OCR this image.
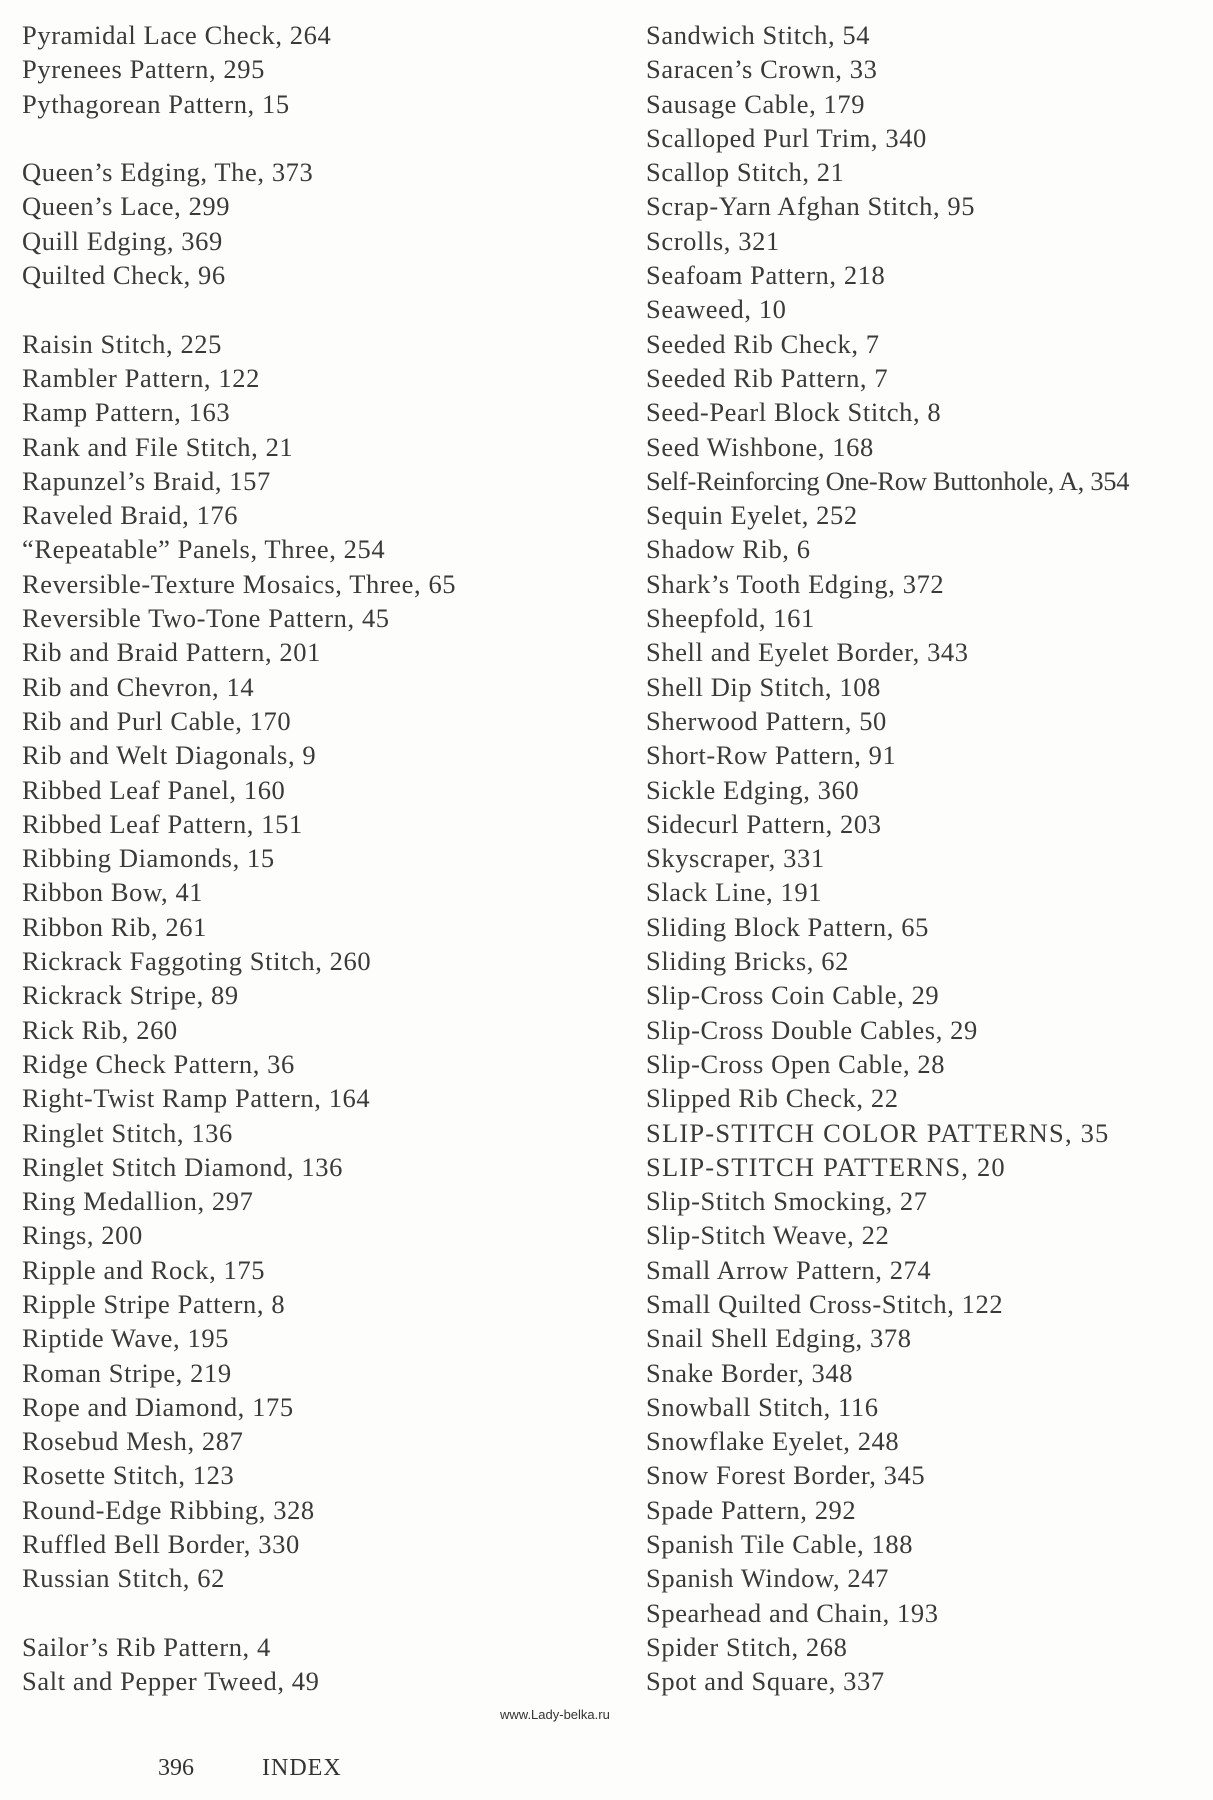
Pyramidal Lace Check, 264
Pyrenees Pattern, 295
Pythagorean Pattern, 15
Queen’s Edging, The, 373
Queen’s Lace, 299
Quill Edging, 369
Quilted Check, 96
Raisin Stitch, 225
Rambler Pattern, 122
Ramp Pattern, 163
Rank and File Stitch, 21
Rapunzel’s Braid, 157
Raveled Braid, 176
“Repeatable” Panels, Three, 254
Reversible-Texture Mosaics, Three, 65
Reversible Two-Tone Pattern, 45
Rib and Braid Pattern, 201
Rib and Chevron, 14
Rib and Purl Cable, 170
Rib and Welt Diagonals, 9
Ribbed Leaf Panel, 160
Ribbed Leaf Pattern, 151
Ribbing Diamonds, 15
Ribbon Bow, 41
Ribbon Rib, 261
Rickrack Faggoting Stitch, 260
Rickrack Stripe, 89
Rick Rib, 260
Ridge Check Pattern, 36
Right-Twist Ramp Pattern, 164
Ringlet Stitch, 136
Ringlet Stitch Diamond, 136
Ring Medallion, 297
Rings, 200
Ripple and Rock, 175
Ripple Stripe Pattern, 8
Riptide Wave, 195
Roman Stripe, 219
Rope and Diamond, 175
Rosebud Mesh, 287
Rosette Stitch, 123
Round-Edge Ribbing, 328
Ruffled Bell Border, 330
Russian Stitch, 62
Sailor’s Rib Pattern, 4
Salt and Pepper Tweed, 49
Sandwich Stitch, 54
Saracen’s Crown, 33
Sausage Cable, 179
Scalloped Purl Trim, 340
Scallop Stitch, 21
Scrap-Yarn Afghan Stitch, 95
Scrolls, 321
Seafoam Pattern, 218
Seaweed, 10
Seeded Rib Check, 7
Seeded Rib Pattern, 7
Seed-Pearl Block Stitch, 8
Seed Wishbone, 168
Self-Reinforcing One-Row Buttonhole, A, 354
Sequin Eyelet, 252
Shadow Rib, 6
Shark’s Tooth Edging, 372
Sheepfold, 161
Shell and Eyelet Border, 343
Shell Dip Stitch, 108
Sherwood Pattern, 50
Short-Row Pattern, 91
Sickle Edging, 360
Sidecurl Pattern, 203
Skyscraper, 331
Slack Line, 191
Sliding Block Pattern, 65
Sliding Bricks, 62
Slip-Cross Coin Cable, 29
Slip-Cross Double Cables, 29
Slip-Cross Open Cable, 28
Slipped Rib Check, 22
SLIP-STITCH COLOR PATTERNS, 35
SLIP-STITCH PATTERNS, 20
Slip-Stitch Smocking, 27
Slip-Stitch Weave, 22
Small Arrow Pattern, 274
Small Quilted Cross-Stitch, 122
Snail Shell Edging, 378
Snake Border, 348
Snowball Stitch, 116
Snowflake Eyelet, 248
Snow Forest Border, 345
Spade Pattern, 292
Spanish Tile Cable, 188
Spanish Window, 247
Spearhead and Chain, 193
Spider Stitch, 268
Spot and Square, 337
www.Lady-belka.ru
396	INDEX
